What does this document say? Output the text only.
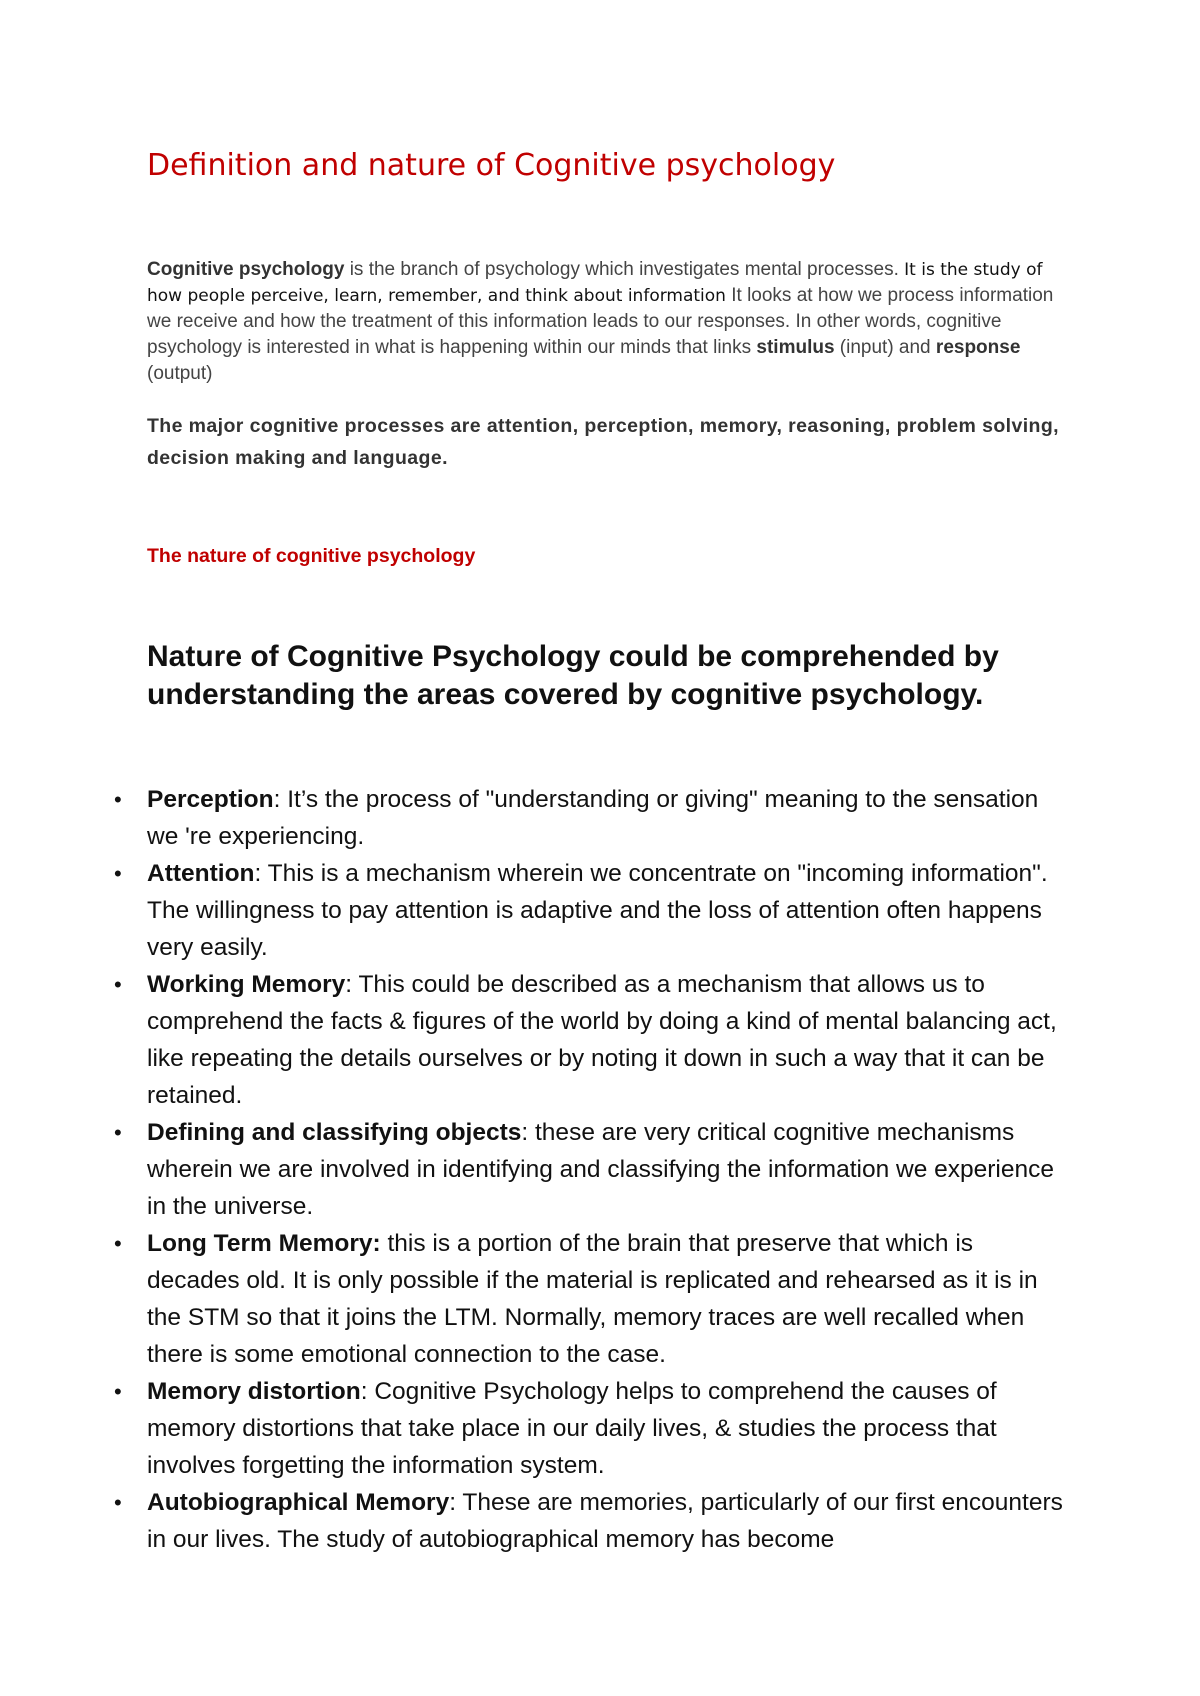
Definition and nature of Cognitive psychology

Cognitive psychology is the branch of psychology which investigates mental processes. It is the study of how people perceive, learn, remember, and think about information It looks at how we process information we receive and how the treatment of this information leads to our responses. In other words, cognitive psychology is interested in what is happening within our minds that links stimulus (input) and response (output)

The major cognitive processes are attention, perception, memory, reasoning, problem solving, decision making and language.

The nature of cognitive psychology
Nature of Cognitive Psychology could be comprehended by understanding the areas covered by cognitive psychology.
• Perception: It’s the process of "understanding or giving" meaning to the sensation we 're experiencing.
• Attention: This is a mechanism wherein we concentrate on "incoming information". The willingness to pay attention is adaptive and the loss of attention often happens very easily.
• Working Memory: This could be described as a mechanism that allows us to comprehend the facts & figures of the world by doing a kind of mental balancing act, like repeating the details ourselves or by noting it down in such a way that it can be retained.
• Defining and classifying objects: these are very critical cognitive mechanisms wherein we are involved in identifying and classifying the information we experience in the universe.
• Long Term Memory: this is a portion of the brain that preserve that which is decades old. It is only possible if the material is replicated and rehearsed as it is in the STM so that it joins the LTM. Normally, memory traces are well recalled when there is some emotional connection to the case.
• Memory distortion: Cognitive Psychology helps to comprehend the causes of memory distortions that take place in our daily lives, & studies the process that involves forgetting the information system.
• Autobiographical Memory: These are memories, particularly of our first encounters in our lives. The study of autobiographical memory has become
